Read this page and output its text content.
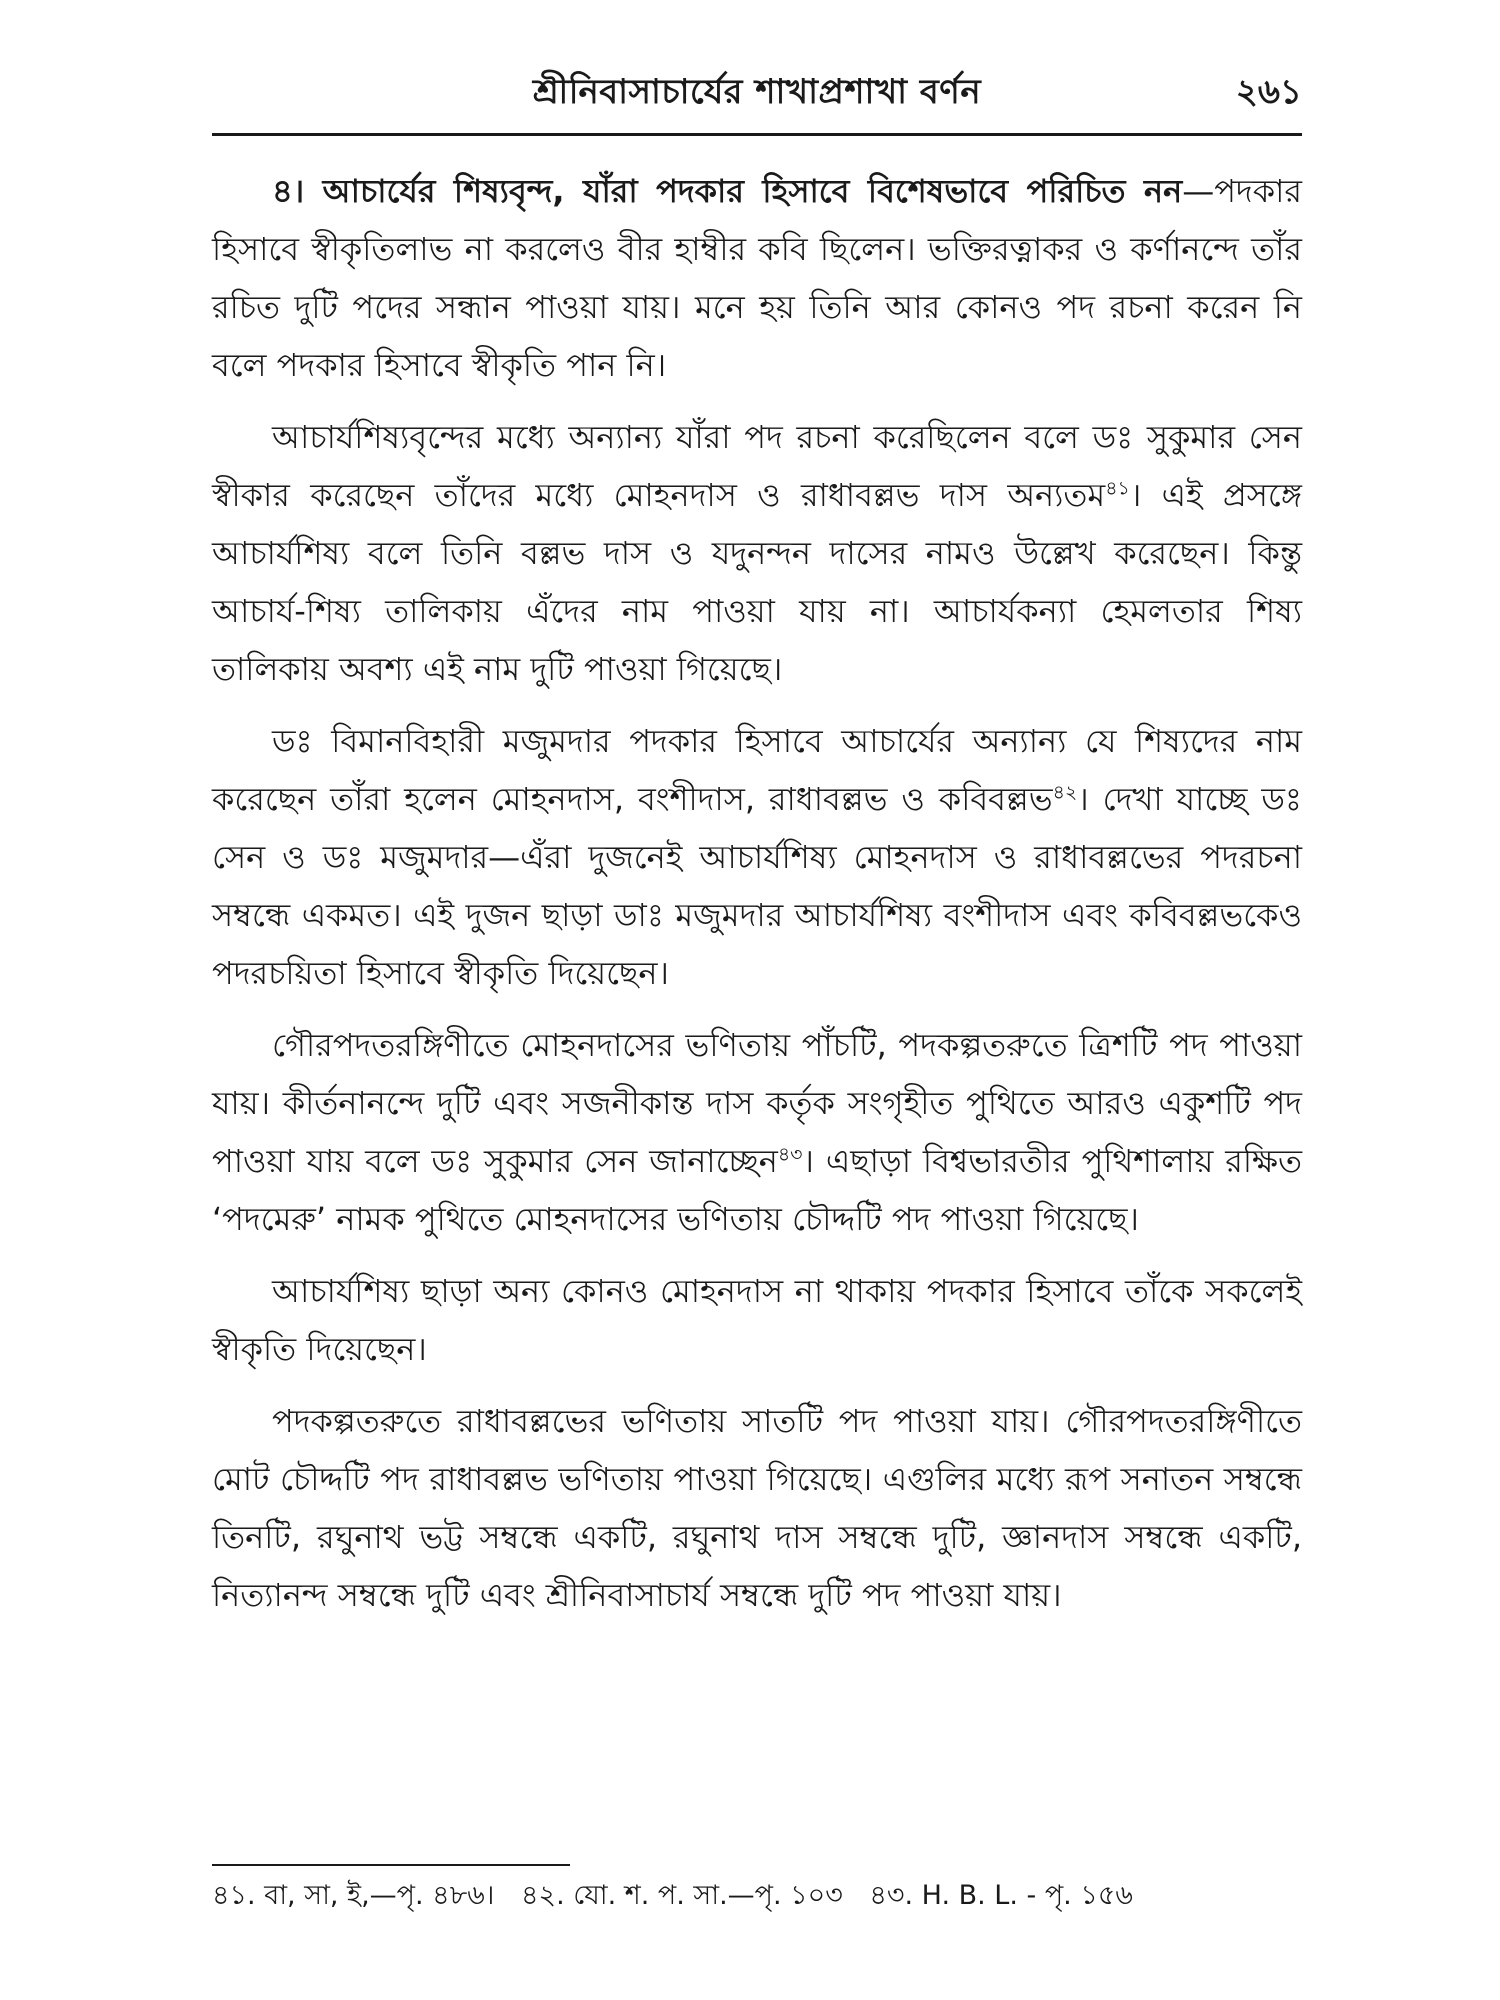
শ্রীনিবাসাচার্যের শাখাপ্রশাখা বর্ণন	২৬১

৪। আচার্যের শিষ্যবৃন্দ, যাঁরা পদকার হিসাবে বিশেষভাবে পরিচিত নন—পদকার হিসাবে স্বীকৃতিলাভ না করলেও বীর হাম্বীর কবি ছিলেন। ভক্তিরত্নাকর ও কর্ণানন্দে তাঁর রচিত দুটি পদের সন্ধান পাওয়া যায়। মনে হয় তিনি আর কোনও পদ রচনা করেন নি বলে পদকার হিসাবে স্বীকৃতি পান নি।

আচার্যশিষ্যবৃন্দের মধ্যে অন্যান্য যাঁরা পদ রচনা করেছিলেন বলে ডঃ সুকুমার সেন স্বীকার করেছেন তাঁদের মধ্যে মোহনদাস ও রাধাবল্লভ দাস অন্যতম$^{৪১}$। এই প্রসঙ্গে আচার্যশিষ্য বলে তিনি বল্লভ দাস ও যদুনন্দন দাসের নামও উল্লেখ করেছেন। কিন্তু আচার্য-শিষ্য তালিকায় এঁদের নাম পাওয়া যায় না। আচার্যকন্যা হেমলতার শিষ্য তালিকায় অবশ্য এই নাম দুটি পাওয়া গিয়েছে।

ডঃ বিমানবিহারী মজুমদার পদকার হিসাবে আচার্যের অন্যান্য যে শিষ্যদের নাম করেছেন তাঁরা হলেন মোহনদাস, বংশীদাস, রাধাবল্লভ ও কবিবল্লভ$^{৪২}$। দেখা যাচ্ছে ডঃ সেন ও ডঃ মজুমদার—এঁরা দুজনেই আচার্যশিষ্য মোহনদাস ও রাধাবল্লভের পদরচনা সম্বন্ধে একমত। এই দুজন ছাড়া ডাঃ মজুমদার আচার্যশিষ্য বংশীদাস এবং কবিবল্লভকেও পদরচয়িতা হিসাবে স্বীকৃতি দিয়েছেন।

গৌরপদতরঙ্গিণীতে মোহনদাসের ভণিতায় পাঁচটি, পদকল্পতরুতে ত্রিশটি পদ পাওয়া যায়। কীর্তনানন্দে দুটি এবং সজনীকান্ত দাস কর্তৃক সংগৃহীত পুথিতে আরও একুশটি পদ পাওয়া যায় বলে ডঃ সুকুমার সেন জানাচ্ছেন$^{৪৩}$। এছাড়া বিশ্বভারতীর পুথিশালায় রক্ষিত ‘পদমেরু’ নামক পুথিতে মোহনদাসের ভণিতায় চৌদ্দটি পদ পাওয়া গিয়েছে।

আচার্যশিষ্য ছাড়া অন্য কোনও মোহনদাস না থাকায় পদকার হিসাবে তাঁকে সকলেই স্বীকৃতি দিয়েছেন।

পদকল্পতরুতে রাধাবল্লভের ভণিতায় সাতটি পদ পাওয়া যায়। গৌরপদতরঙ্গিণীতে মোট চৌদ্দটি পদ রাধাবল্লভ ভণিতায় পাওয়া গিয়েছে। এগুলির মধ্যে রূপ সনাতন সম্বন্ধে তিনটি, রঘুনাথ ভট্ট সম্বন্ধে একটি, রঘুনাথ দাস সম্বন্ধে দুটি, জ্ঞানদাস সম্বন্ধে একটি, নিত্যানন্দ সম্বন্ধে দুটি এবং শ্রীনিবাসাচার্য সম্বন্ধে দুটি পদ পাওয়া যায়।

৪১. বা, সা, ই,—পৃ. ৪৮৬। ৪২. যো. শ. প. সা.—পৃ. ১০৩ ৪৩. H. B. L. - পৃ. ১৫৬
